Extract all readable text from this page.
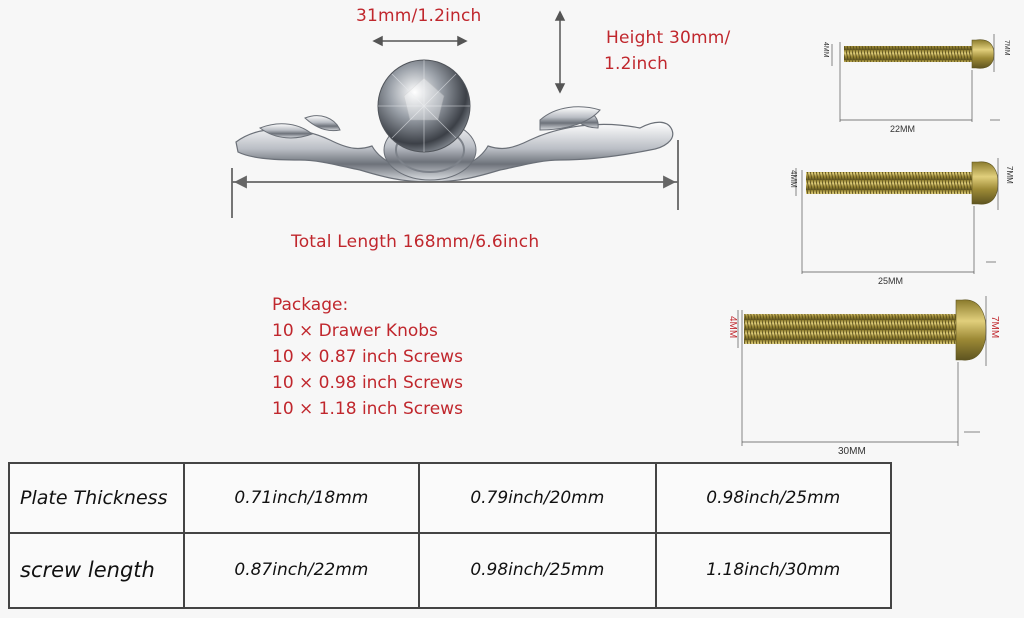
31mm/1.2inch
Height 30mm/
1.2inch
Total Length 168mm/6.6inch
22MM
4MM	7MM
25MM
4MM	7MM
30MM
4MM	7MM
Package:
10 × Drawer Knobs
10 × 0.87 inch Screws
10 × 0.98 inch Screws
10 × 1.18 inch Screws
Plate Thickness	0.71inch/18mm	0.79inch/20mm	0.98inch/25mm
screw length	0.87inch/22mm	0.98inch/25mm	1.18inch/30mm
